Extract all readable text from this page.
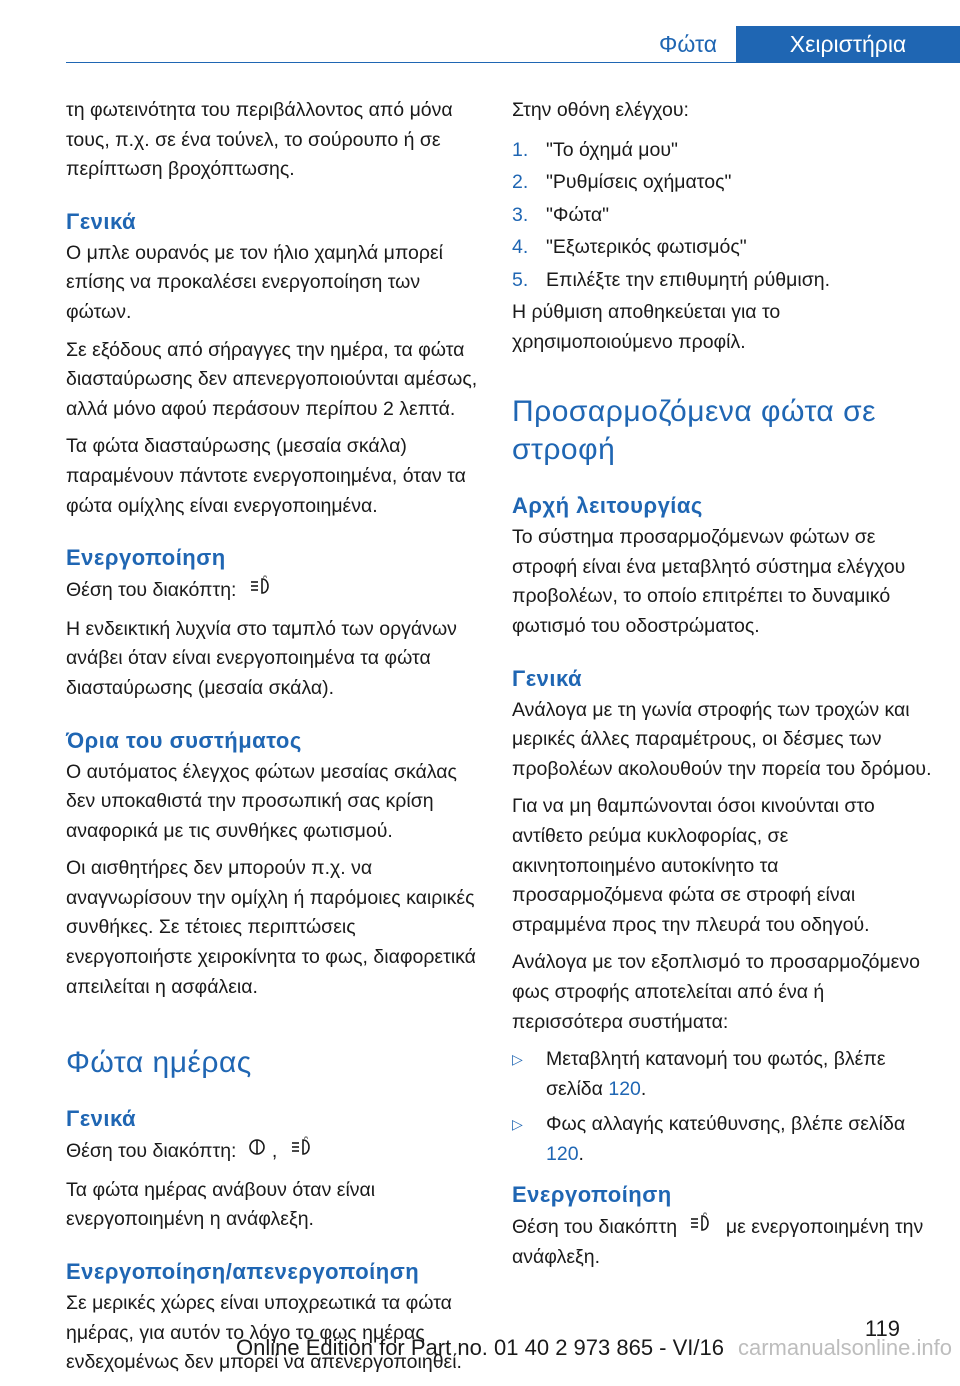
Φώτα	Χειριστήρια
τη φωτεινότητα του περιβάλλοντος από μόνα τους, π.χ. σε ένα τούνελ, το σούρουπο ή σε περίπτωση βροχόπτωσης.
Γενικά
Ο μπλε ουρανός με τον ήλιο χαμηλά μπορεί επίσης να προκαλέσει ενεργοποίηση των φώτων.
Σε εξόδους από σήραγγες την ημέρα, τα φώτα διασταύρωσης δεν απενεργοποιούνται αμέσως, αλλά μόνο αφού περάσουν περίπου 2 λεπτά.
Τα φώτα διασταύρωσης (μεσαία σκάλα) παραμένουν πάντοτε ενεργοποιημένα, όταν τα φώτα ομίχλης είναι ενεργοποιημένα.
Ενεργοποίηση
Θέση του διακόπτη:
A
Η ενδεικτική λυχνία στο ταμπλό των οργάνων ανάβει όταν είναι ενεργοποιημένα τα φώτα διασταύρωσης (μεσαία σκάλα).
Όρια του συστήματος
Ο αυτόματος έλεγχος φώτων μεσαίας σκάλας δεν υποκαθιστά την προσωπική σας κρίση αναφορικά με τις συνθήκες φωτισμού.
Οι αισθητήρες δεν μπορούν π.χ. να αναγνωρίσουν την ομίχλη ή παρόμοιες καιρικές συνθήκες. Σε τέτοιες περιπτώσεις ενεργοποιήστε χειροκίνητα το φως, διαφορετικά απειλείται η ασφάλεια.
Φώτα ημέρας
Γενικά
Θέση του διακόπτη: ,
A
Τα φώτα ημέρας ανάβουν όταν είναι ενεργοποιημένη η ανάφλεξη.
Ενεργοποίηση/απενεργοποίηση
Σε μερικές χώρες είναι υποχρεωτικά τα φώτα ημέρας, για αυτόν το λόγο το φως ημέρας ενδεχομένως δεν μπορεί να απενεργοποιηθεί.
Στην οθόνη ελέγχου:
1. "Το όχημά μου"
2. "Ρυθμίσεις οχήματος"
3. "Φώτα"
4. "Εξωτερικός φωτισμός"
5. Επιλέξτε την επιθυμητή ρύθμιση.
Η ρύθμιση αποθηκεύεται για το χρησιμοποιούμενο προφίλ.
Προσαρμοζόμενα φώτα σε στροφή
Αρχή λειτουργίας
Το σύστημα προσαρμοζόμενων φώτων σε στροφή είναι ένα μεταβλητό σύστημα ελέγχου προβολέων, το οποίο επιτρέπει το δυναμικό φωτισμό του οδοστρώματος.
Γενικά
Ανάλογα με τη γωνία στροφής των τροχών και μερικές άλλες παραμέτρους, οι δέσμες των προβολέων ακολουθούν την πορεία του δρόμου.
Για να μη θαμπώνονται όσοι κινούνται στο αντίθετο ρεύμα κυκλοφορίας, σε ακινητοποιημένο αυτοκίνητο τα προσαρμοζόμενα φώτα σε στροφή είναι στραμμένα προς την πλευρά του οδηγού.
Ανάλογα με τον εξοπλισμό το προσαρμοζόμενο φως στροφής αποτελείται από ένα ή περισσότερα συστήματα:
▷	Μεταβλητή κατανομή του φωτός, βλέπε σελίδα 120.
▷	Φως αλλαγής κατεύθυνσης, βλέπε σελίδα 120.
Ενεργοποίηση
Θέση του διακόπτη
A
με ενεργοποιημένη την ανάφλεξη.
119
Online Edition for Part no. 01 40 2 973 865 - VI/16 carmanualsonline.info
